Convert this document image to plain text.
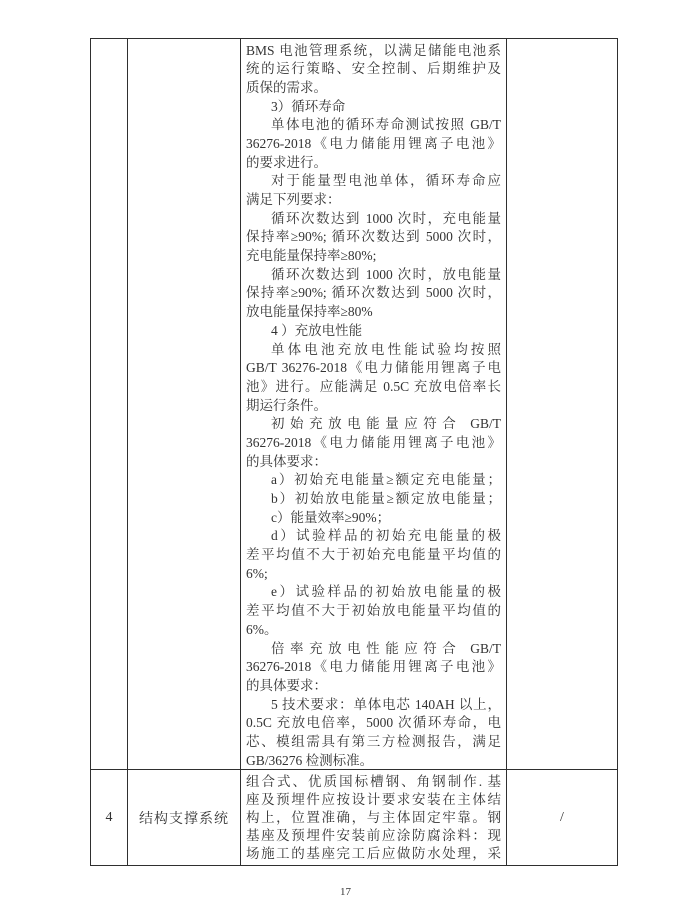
BMS 电池管理系统，以满足储能电池系
统的运行策略、安全控制、后期维护及
质保的需求。
3）循环寿命
单体电池的循环寿命测试按照 GB/T
36276-2018《电力储能用锂离子电池》
的要求进行。
对于能量型电池单体，循环寿命应
满足下列要求：
循环次数达到 1000 次时，充电能量
保持率≥90%; 循环次数达到 5000 次时，
充电能量保持率≥80%;
循环次数达到 1000 次时，放电能量
保持率≥90%; 循环次数达到 5000 次时，
放电能量保持率≥80%
4 ）充放电性能
单体电池充放电性能试验均按照
GB/T 36276-2018《电力储能用锂离子电
池》进行。应能满足 0.5C 充放电倍率长
期运行条件。
初始充放电能量应符合 GB/T
36276-2018《电力储能用锂离子电池》
的具体要求：
a）初始充电能量≥额定充电能量；
b）初始放电能量≥额定放电能量；
c）能量效率≥90%；
d）试验样品的初始充电能量的极
差平均值不大于初始充电能量平均值的
6%;
e）试验样品的初始放电能量的极
差平均值不大于初始放电能量平均值的
6%。
倍率充放电性能应符合 GB/T
36276-2018《电力储能用锂离子电池》
的具体要求：
5 技术要求：单体电芯 140AH 以上，
0.5C 充放电倍率，5000 次循环寿命，电
芯、模组需具有第三方检测报告，满足
GB/36276 检测标准。

4	结构支撑系统	组合式、优质国标槽钢、角钢制作. 基
座及预埋件应按设计要求安装在主体结
构上，位置准确，与主体固定牢靠。钢
基座及预埋件安装前应涂防腐涂料：现
场施工的基座完工后应做防水处理，采	/
17
